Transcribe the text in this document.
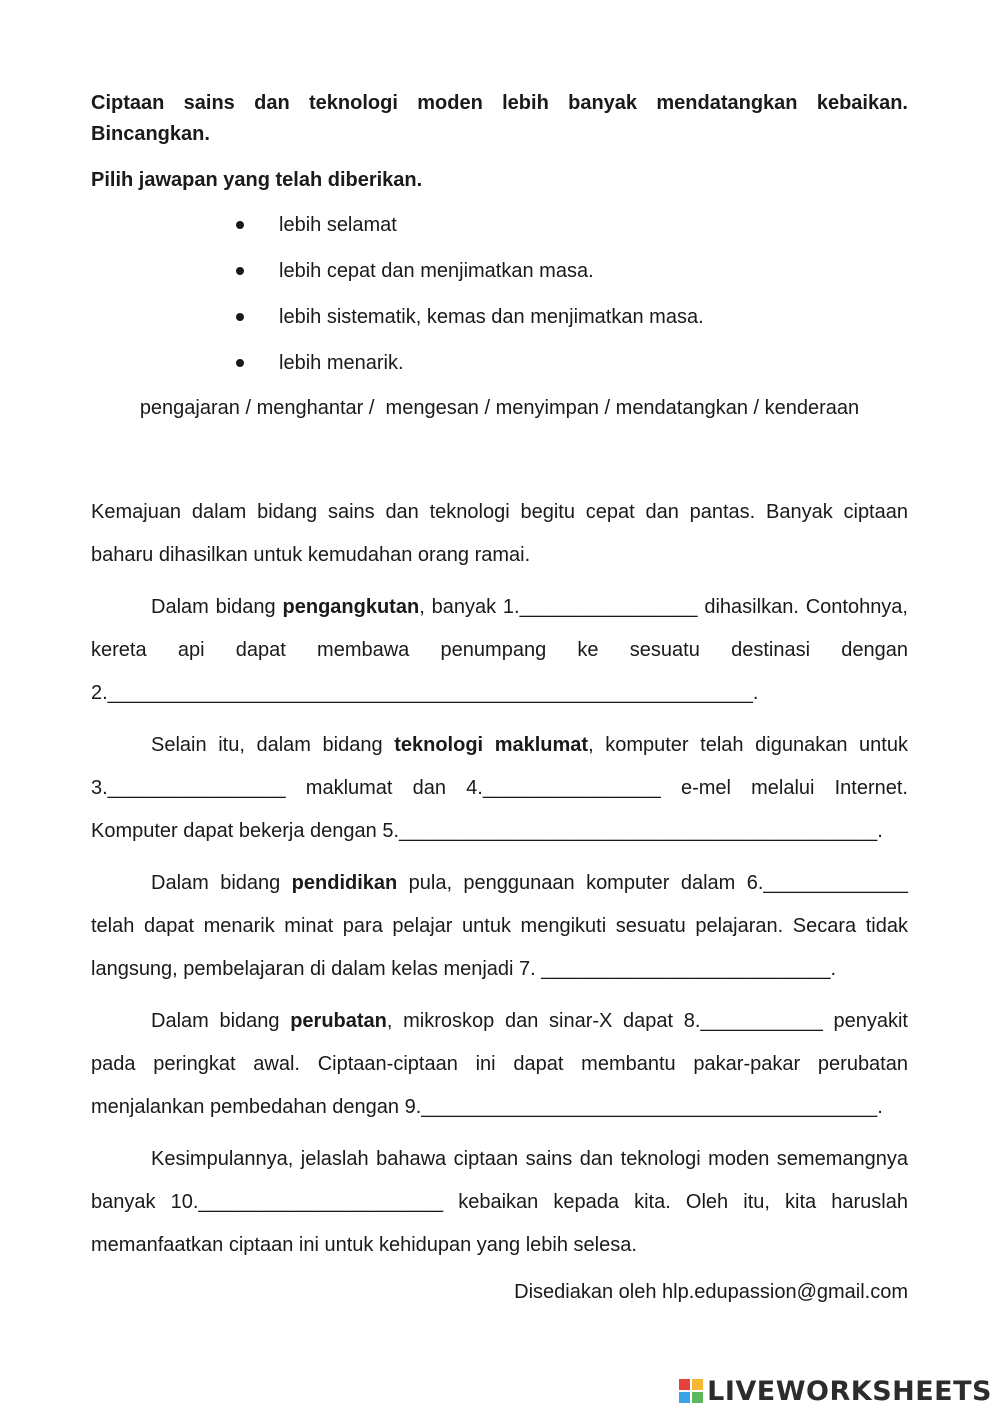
Ciptaan sains dan teknologi moden lebih banyak mendatangkan kebaikan. Bincangkan.

Pilih jawapan yang telah diberikan.

lebih selamat
lebih cepat dan menjimatkan masa.
lebih sistematik, kemas dan menjimatkan masa.
lebih menarik.
pengajaran / menghantar /  mengesan / menyimpan / mendatangkan / kenderaan

Kemajuan dalam bidang sains dan teknologi begitu cepat dan pantas. Banyak ciptaan baharu dihasilkan untuk kemudahan orang ramai.

Dalam bidang pengangkutan, banyak 1.________________ dihasilkan. Contohnya, kereta api dapat membawa penumpang ke sesuatu destinasi dengan 2.__________________________________________________________.

Selain itu, dalam bidang teknologi maklumat, komputer telah digunakan untuk 3.________________ maklumat dan 4.________________ e-mel melalui Internet. Komputer dapat bekerja dengan 5.___________________________________________.

Dalam bidang pendidikan pula, penggunaan komputer dalam 6._____________ telah dapat menarik minat para pelajar untuk mengikuti sesuatu pelajaran. Secara tidak langsung, pembelajaran di dalam kelas menjadi 7. __________________________.

Dalam bidang perubatan, mikroskop dan sinar-X dapat 8.___________ penyakit pada peringkat awal. Ciptaan-ciptaan ini dapat membantu pakar-pakar perubatan menjalankan pembedahan dengan 9._________________________________________.

Kesimpulannya, jelaslah bahawa ciptaan sains dan teknologi moden sememangnya banyak 10.______________________ kebaikan kepada kita. Oleh itu, kita haruslah memanfaatkan ciptaan ini untuk kehidupan yang lebih selesa.

Disediakan oleh hlp.edupassion@gmail.com
LIVEWORKSHEETS
